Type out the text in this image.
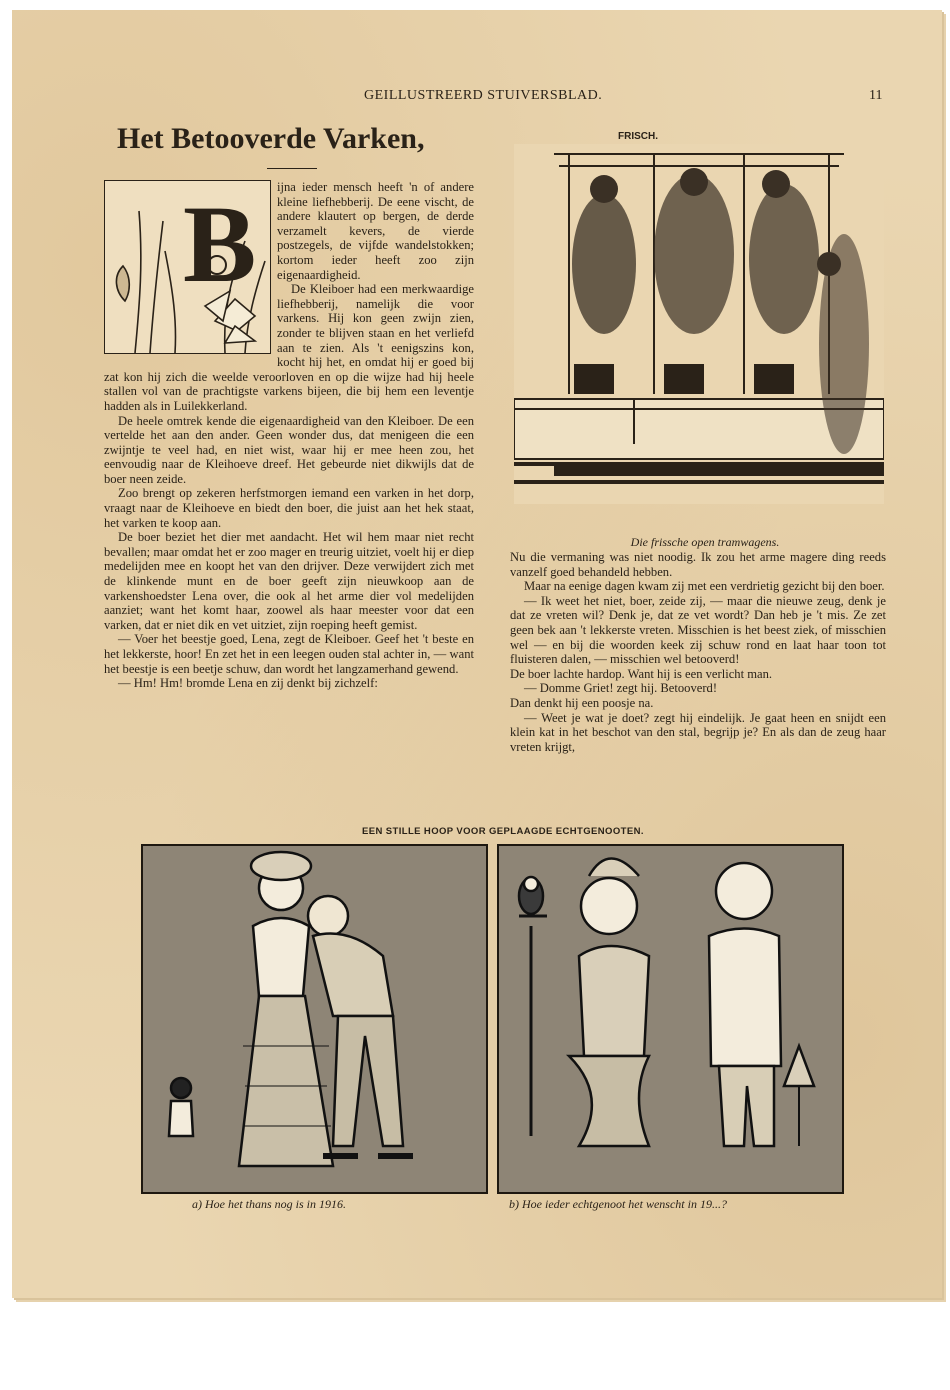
GEILLUSTREERD STUIVERSBLAD.	11
Het Betooverde Varken,
B	ijna ieder mensch heeft 'n of andere kleine liefhebberij. De eene vischt, de andere klautert op bergen, de derde verzamelt kevers, de vierde postzegels, de vijfde wandelstokken; kortom ieder heeft zoo zijn eigenaardigheid.

De Kleiboer had een merkwaardige liefhebberij, namelijk die voor varkens. Hij kon geen zwijn zien, zonder te blijven staan en het verliefd aan te zien. Als 't eenigszins kon, kocht hij het, en omdat hij er goed bij zat kon hij zich die weelde veroorloven en op die wijze had hij heele stallen vol van de prachtigste varkens bijeen, die bij hem een leventje hadden als in Luilekkerland.

De heele omtrek kende die eigenaardigheid van den Kleiboer. De een vertelde het aan den ander. Geen wonder dus, dat menigeen die een zwijntje te veel had, en niet wist, waar hij er mee heen zou, het eenvoudig naar de Kleihoeve dreef. Het gebeurde niet dikwijls dat de boer neen zeide.

Zoo brengt op zekeren herfstmorgen iemand een varken in het dorp, vraagt naar de Kleihoeve en biedt den boer, die juist aan het hek staat, het varken te koop aan.

De boer beziet het dier met aandacht. Het wil hem maar niet recht bevallen; maar omdat het er zoo mager en treurig uitziet, voelt hij er diep medelijden mee en koopt het van den drijver. Deze verwijdert zich met de klinkende munt en de boer geeft zijn nieuwkoop aan de varkenshoedster Lena over, die ook al het arme dier vol medelijden aanziet; want het komt haar, zoowel als haar meester voor dat een varken, dat er niet dik en vet uitziet, zijn roeping heeft gemist.

— Voer het beestje goed, Lena, zegt de Kleiboer. Geef het 't beste en het lekkerste, hoor! En zet het in een leegen ouden stal achter in, — want het beestje is een beetje schuw, dan wordt het langzamerhand gewend.

— Hm! Hm! bromde Lena en zij denkt bij zichzelf:

FRISCH.
Die frissche open tramwagens.

Nu die vermaning was niet noodig. Ik zou het arme magere ding reeds vanzelf goed behandeld hebben.

Maar na eenige dagen kwam zij met een verdrietig gezicht bij den boer.

— Ik weet het niet, boer, zeide zij, — maar die nieuwe zeug, denk je dat ze vreten wil? Denk je, dat ze vet wordt? Dan heb je 't mis. Ze zet geen bek aan 't lekkerste vreten. Misschien is het beest ziek, of misschien wel — en bij die woorden keek zij schuw rond en laat haar toon tot fluisteren dalen, — misschien wel betooverd!

De boer lachte hardop. Want hij is een verlicht man.

— Domme Griet! zegt hij. Betooverd!

Dan denkt hij een poosje na.

— Weet je wat je doet? zegt hij eindelijk. Je gaat heen en snijdt een klein kat in het beschot van den stal, begrijp je? En als dan de zeug haar vreten krijgt,

EEN STILLE HOOP VOOR GEPLAAGDE ECHTGENOOTEN.
a) Hoe het thans nog is in 1916.	b) Hoe ieder echtgenoot het wenscht in 19...?
